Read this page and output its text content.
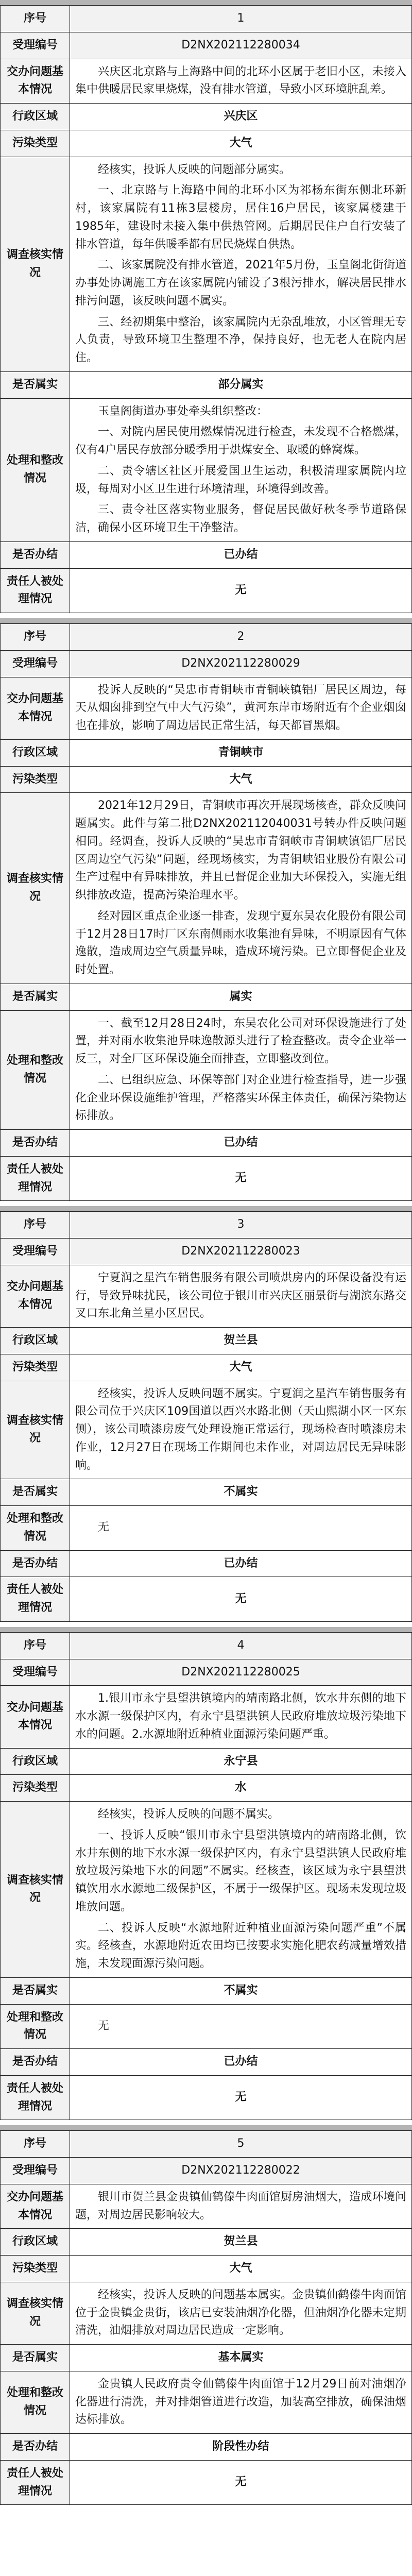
序号	1
受理编号	D2NX202112280034
交办问题基本情况	兴庆区北京路与上海路中间的北环小区属于老旧小区，未接入集中供暖居民家里烧煤，没有排水管道，导致小区环境脏乱差。

行政区域	兴庆区
污染类型	大气
调查核实情况	经核实，投诉人反映的问题部分属实。

一、北京路与上海路中间的北环小区为祁杨东街东侧北环新村，该家属院有11栋3层楼房，居住16户居民，该家属楼建于1985年，建设时未接入集中供热管网。后期居民住户自行安装了排水管道，每年供暖季都有居民烧煤自供热。

二、该家属院没有排水管道，2021年5月份，玉皇阁北街街道办事处协调施工方在该家属院内铺设了3根污排水，解决居民排水排污问题，该反映问题不属实。

三、经初期集中整治，该家属院内无杂乱堆放，小区管理无专人负责，导致环境卫生整理不净，保持良好，也无老人在院内居住。

是否属实	部分属实
处理和整改情况	玉皇阁街道办事处牵头组织整改：

一、对院内居民使用燃煤情况进行检查，未发现不合格燃煤，仅有4户居民存放部分暖季用于烘煤安全、取暖的蜂窝煤。

二、责令辖区社区开展爱国卫生运动，积极清理家属院内垃圾，每周对小区卫生进行环境清理，环境得到改善。

三、责令社区落实物业服务，督促居民做好秋冬季节道路保洁，确保小区环境卫生干净整洁。

是否办结	已办结
责任人被处理情况	无
序号	2
受理编号	D2NX202112280029
交办问题基本情况	投诉人反映的“吴忠市青铜峡市青铜峡镇铝厂居民区周边，每天从烟囱排到空气中大气污染”，黄河东岸市场附近有个企业烟囱也在排放，影响了周边居民正常生活，每天都冒黑烟。

行政区域	青铜峡市
污染类型	大气
调查核实情况	2021年12月29日，青铜峡市再次开展现场核查，群众反映问题属实。此件与第二批D2NX202112040031号转办件反映问题相同。经调查，投诉人反映的“吴忠市青铜峡市青铜峡镇铝厂居民区周边空气污染”问题，经现场核实，为青铜峡铝业股份有限公司生产过程中有异味排放，并且已督促企业加大环保投入，实施无组织排放改造，提高污染治理水平。

经对园区重点企业逐一排查，发现宁夏东吴农化股份有限公司于12月28日17时厂区东南侧雨水收集池有异味，不明原因有气体逸散，造成周边空气质量异味，造成环境污染。已立即督促企业及时处置。

是否属实	属实
处理和整改情况	一、截至12月28日24时，东吴农化公司对环保设施进行了处置，并对雨水收集池异味逸散源头进行了检查整改。责令企业举一反三，对全厂区环保设施全面排查，立即整改到位。

二、已组织应急、环保等部门对企业进行检查指导，进一步强化企业环保设施维护管理，严格落实环保主体责任，确保污染物达标排放。

是否办结	已办结
责任人被处理情况	无
序号	3
受理编号	D2NX202112280023
交办问题基本情况	宁夏润之星汽车销售服务有限公司喷烘房内的环保设备没有运行，导致异味扰民，该公司位于银川市兴庆区丽景街与湖滨东路交叉口东北角兰星小区居民。

行政区域	贺兰县
污染类型	大气
调查核实情况	经核实，投诉人反映问题不属实。宁夏润之星汽车销售服务有限公司位于兴庆区109国道以西兴水路北侧（天山熙湖小区一区东侧），该公司喷漆房废气处理设施正常运行，现场检查时喷漆房未作业，12月27日在现场工作期间也未作业，对周边居民无异味影响。

是否属实	不属实
处理和整改情况	无

是否办结	已办结
责任人被处理情况	无
序号	4
受理编号	D2NX202112280025
交办问题基本情况	1.银川市永宁县望洪镇境内的靖南路北侧，饮水井东侧的地下水水源一级保护区内，有永宁县望洪镇人民政府堆放垃圾污染地下水的问题。2.水源地附近种植业面源污染问题严重。

行政区域	永宁县
污染类型	水
调查核实情况	经核实，投诉人反映的问题不属实。

一、投诉人反映“银川市永宁县望洪镇境内的靖南路北侧，饮水井东侧的地下水水源一级保护区内，有永宁县望洪镇人民政府堆放垃圾污染地下水的问题”不属实。经核查，该区域为永宁县望洪镇饮用水水源地二级保护区，不属于一级保护区。现场未发现垃圾堆放问题。

二、投诉人反映“水源地附近种植业面源污染问题严重”不属实。经核查，水源地附近农田均已按要求实施化肥农药减量增效措施，未发现面源污染问题。

是否属实	不属实
处理和整改情况	无

是否办结	已办结
责任人被处理情况	无
序号	5
受理编号	D2NX202112280022
交办问题基本情况	银川市贺兰县金贵镇仙鹤傣牛肉面馆厨房油烟大，造成环境问题，对周边居民影响较大。

行政区域	贺兰县
污染类型	大气
调查核实情况	经核实，投诉人反映的问题基本属实。金贵镇仙鹤傣牛肉面馆位于金贵镇金贵街，该店已安装油烟净化器，但油烟净化器未定期清洗，油烟排放对周边居民造成一定影响。

是否属实	基本属实
处理和整改情况	金贵镇人民政府责令仙鹤傣牛肉面馆于12月29日前对油烟净化器进行清洗，并对排烟管道进行改造，加装高空排放，确保油烟达标排放。

是否办结	阶段性办结
责任人被处理情况	无
